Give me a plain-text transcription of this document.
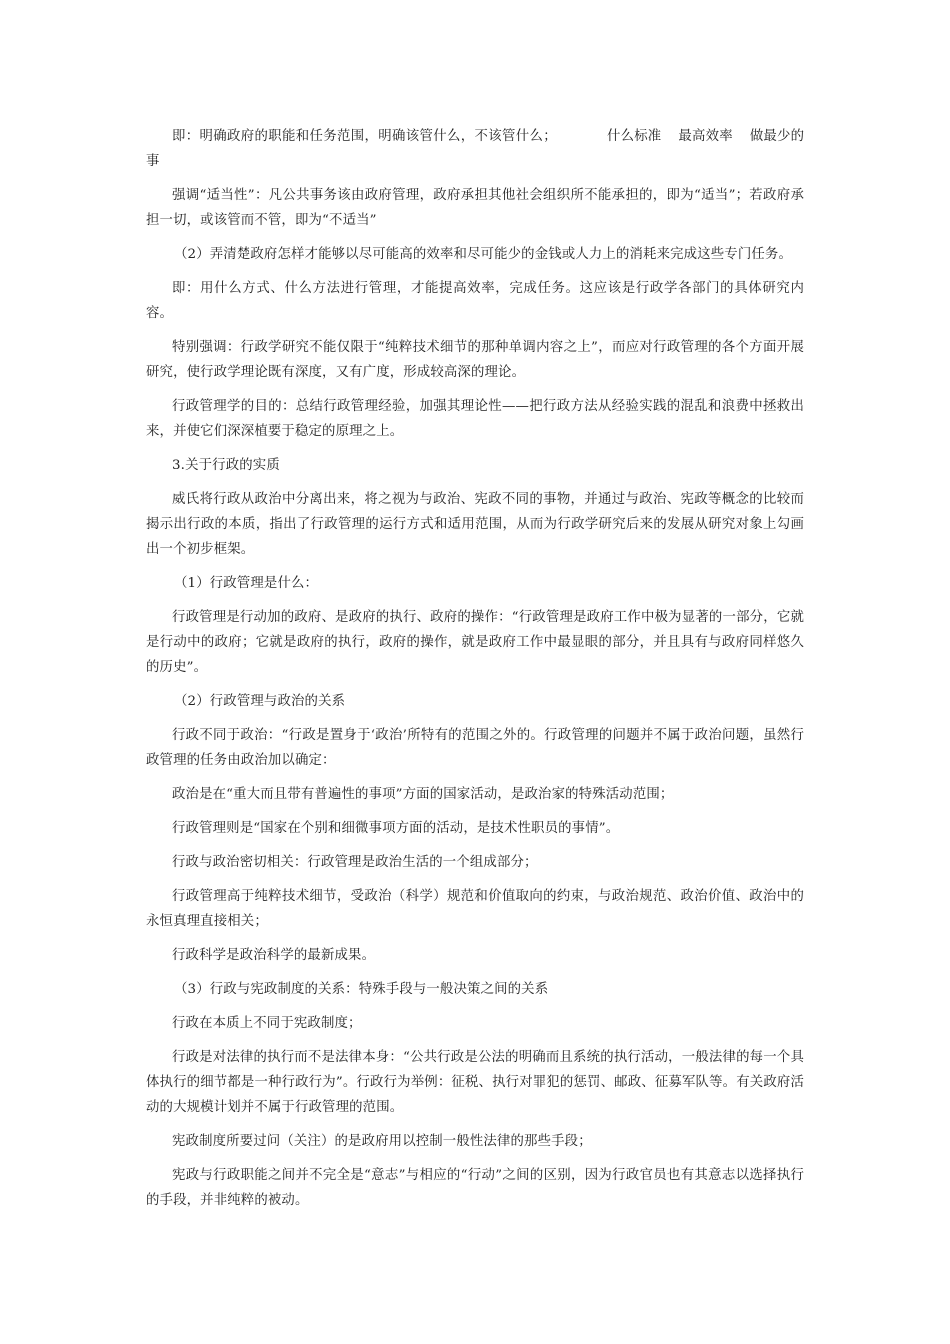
即：明确政府的职能和任务范围，明确该管什么，不该管什么；	什么标准 最高效率 做最少的事

强调“适当性”：凡公共事务该由政府管理，政府承担其他社会组织所不能承担的，即为“适当”；若政府承担一切，或该管而不管，即为“不适当”

（2）弄清楚政府怎样才能够以尽可能高的效率和尽可能少的金钱或人力上的消耗来完成这些专门任务。

即：用什么方式、什么方法进行管理，才能提高效率，完成任务。这应该是行政学各部门的具体研究内容。

特别强调：行政学研究不能仅限于“纯粹技术细节的那种单调内容之上”，而应对行政管理的各个方面开展研究，使行政学理论既有深度，又有广度，形成较高深的理论。

行政管理学的目的：总结行政管理经验，加强其理论性——把行政方法从经验实践的混乱和浪费中拯救出来，并使它们深深植要于稳定的原理之上。

3.关于行政的实质

威氏将行政从政治中分离出来，将之视为与政治、宪政不同的事物，并通过与政治、宪政等概念的比较而揭示出行政的本质，指出了行政管理的运行方式和适用范围，从而为行政学研究后来的发展从研究对象上勾画出一个初步框架。

（1）行政管理是什么：

行政管理是行动加的政府、是政府的执行、政府的操作：“行政管理是政府工作中极为显著的一部分，它就是行动中的政府；它就是政府的执行，政府的操作，就是政府工作中最显眼的部分，并且具有与政府同样悠久的历史”。

（2）行政管理与政治的关系

行政不同于政治：“行政是置身于‘政治’所特有的范围之外的。行政管理的问题并不属于政治问题，虽然行政管理的任务由政治加以确定：

政治是在“重大而且带有普遍性的事项”方面的国家活动，是政治家的特殊活动范围；

行政管理则是“国家在个别和细微事项方面的活动，是技术性职员的事情”。

行政与政治密切相关：行政管理是政治生活的一个组成部分；

行政管理高于纯粹技术细节，受政治（科学）规范和价值取向的约束，与政治规范、政治价值、政治中的永恒真理直接相关；

行政科学是政治科学的最新成果。

（3）行政与宪政制度的关系：特殊手段与一般决策之间的关系

行政在本质上不同于宪政制度；

行政是对法律的执行而不是法律本身：“公共行政是公法的明确而且系统的执行活动，一般法律的每一个具体执行的细节都是一种行政行为”。行政行为举例：征税、执行对罪犯的惩罚、邮政、征募军队等。有关政府活动的大规模计划并不属于行政管理的范围。

宪政制度所要过问（关注）的是政府用以控制一般性法律的那些手段；

宪政与行政职能之间并不完全是“意志”与相应的“行动”之间的区别，因为行政官员也有其意志以选择执行的手段，并非纯粹的被动。
